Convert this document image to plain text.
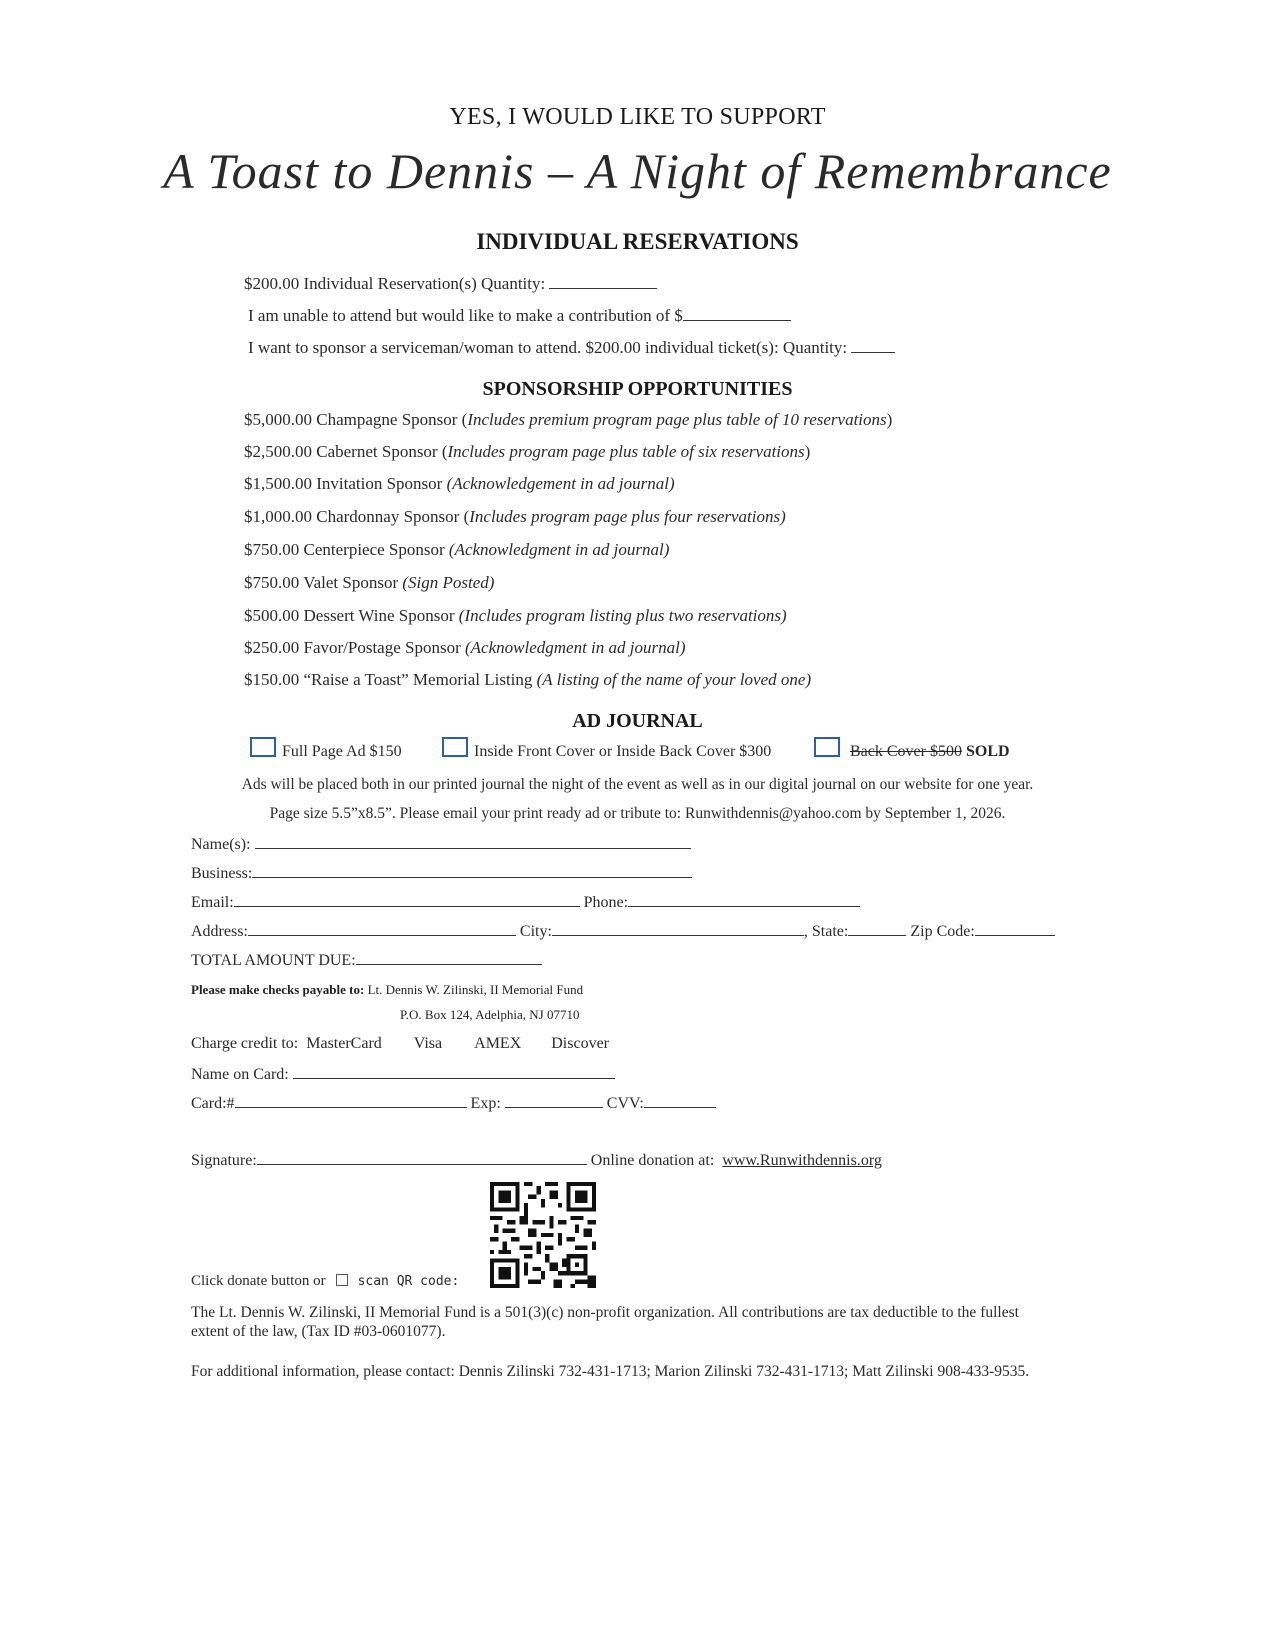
YES, I WOULD LIKE TO SUPPORT
A Toast to Dennis – A Night of Remembrance
INDIVIDUAL RESERVATIONS
$200.00 Individual Reservation(s) Quantity:
I am unable to attend but would like to make a contribution of $
I want to sponsor a serviceman/woman to attend. $200.00 individual ticket(s): Quantity:
SPONSORSHIP OPPORTUNITIES
$5,000.00 Champagne Sponsor (Includes premium program page plus table of 10 reservations)
$2,500.00 Cabernet Sponsor (Includes program page plus table of six reservations)
$1,500.00 Invitation Sponsor (Acknowledgement in ad journal)
$1,000.00 Chardonnay Sponsor (Includes program page plus four reservations)
$750.00 Centerpiece Sponsor (Acknowledgment in ad journal)
$750.00 Valet Sponsor (Sign Posted)
$500.00 Dessert Wine Sponsor (Includes program listing plus two reservations)
$250.00 Favor/Postage Sponsor (Acknowledgment in ad journal)
$150.00 “Raise a Toast” Memorial Listing (A listing of the name of your loved one)
AD JOURNAL
Full Page Ad $150	Inside Front Cover or Inside Back Cover $300	Back Cover $500 SOLD
Ads will be placed both in our printed journal the night of the event as well as in our digital journal on our website for one year.
Page size 5.5”x8.5”. Please email your print ready ad or tribute to: Runwithdennis@yahoo.com by September 1, 2026.
Name(s):
Business:
Email:	Phone:
Address:	City:	, State:	Zip Code:
TOTAL AMOUNT DUE:
Please make checks payable to: Lt. Dennis W. Zilinski, II Memorial Fund
P.O. Box 124, Adelphia, NJ 07710
Charge credit to: MasterCard Visa AMEX Discover
Name on Card:
Card:#	Exp:	CVV:
Signature:	Online donation at: www.Runwithdennis.org
Click donate button or scan QR code:
The Lt. Dennis W. Zilinski, II Memorial Fund is a 501(3)(c) non-profit organization. All contributions are tax deductible to the fullest
extent of the law, (Tax ID #03-0601077).
For additional information, please contact: Dennis Zilinski 732-431-1713; Marion Zilinski 732-431-1713; Matt Zilinski 908-433-9535.
